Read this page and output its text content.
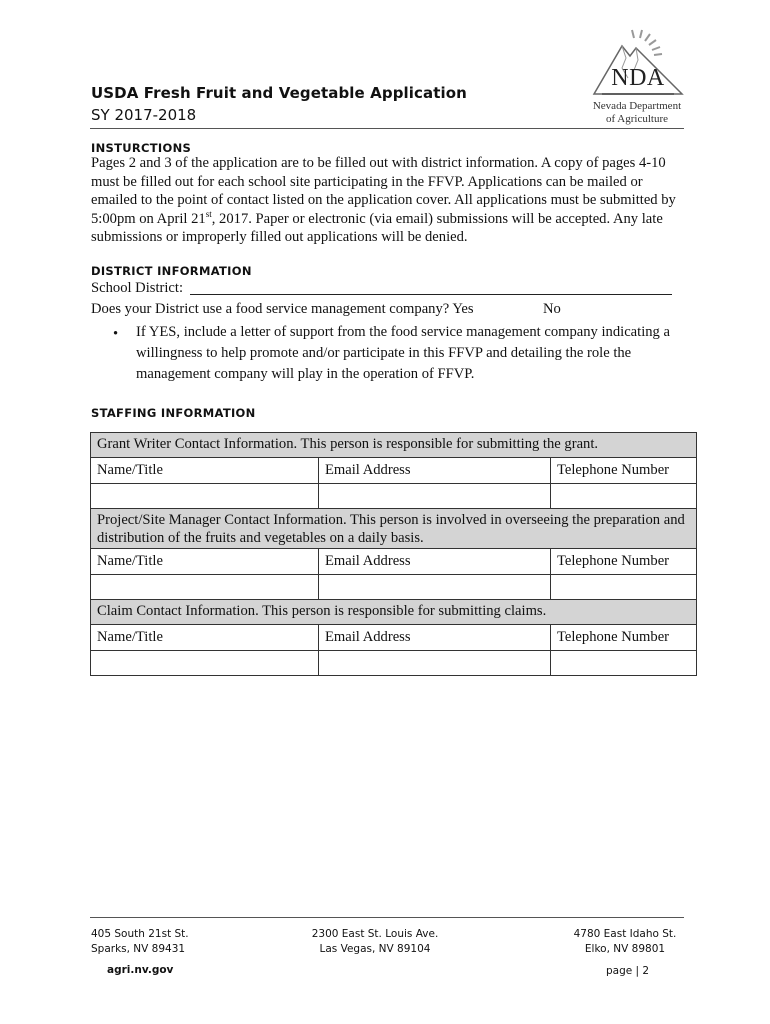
USDA Fresh Fruit and Vegetable Application
SY 2017-2018
NDA
Nevada Department
of Agriculture
INSTURCTIONS
Pages 2 and 3 of the application are to be filled out with district information. A copy of pages 4-10 must be filled out for each school site participating in the FFVP. Applications can be mailed or emailed to the point of contact listed on the application cover. All applications must be submitted by 5:00pm on April 21st, 2017. Paper or electronic (via email) submissions will be accepted. Any late submissions or improperly filled out applications will be denied.
DISTRICT INFORMATION
School District:
Does your District use a food service management company? Yes	No
• If YES, include a letter of support from the food service management company indicating a willingness to help promote and/or participate in this FFVP and detailing the role the management company will play in the operation of FFVP.
STAFFING INFORMATION
Grant Writer Contact Information. This person is responsible for submitting the grant.		
Name/Title	Email Address	Telephone Number

Project/Site Manager Contact Information. This person is involved in overseeing the preparation and distribution of the fruits and vegetables on a daily basis.		
Name/Title	Email Address	Telephone Number

Claim Contact Information. This person is responsible for submitting claims.		
Name/Title	Email Address	Telephone Number

405 South 21st St.
Sparks, NV 89431
2300 East St. Louis Ave.
Las Vegas, NV 89104
4780 East Idaho St.
Elko, NV 89801
agri.nv.gov	page | 2
